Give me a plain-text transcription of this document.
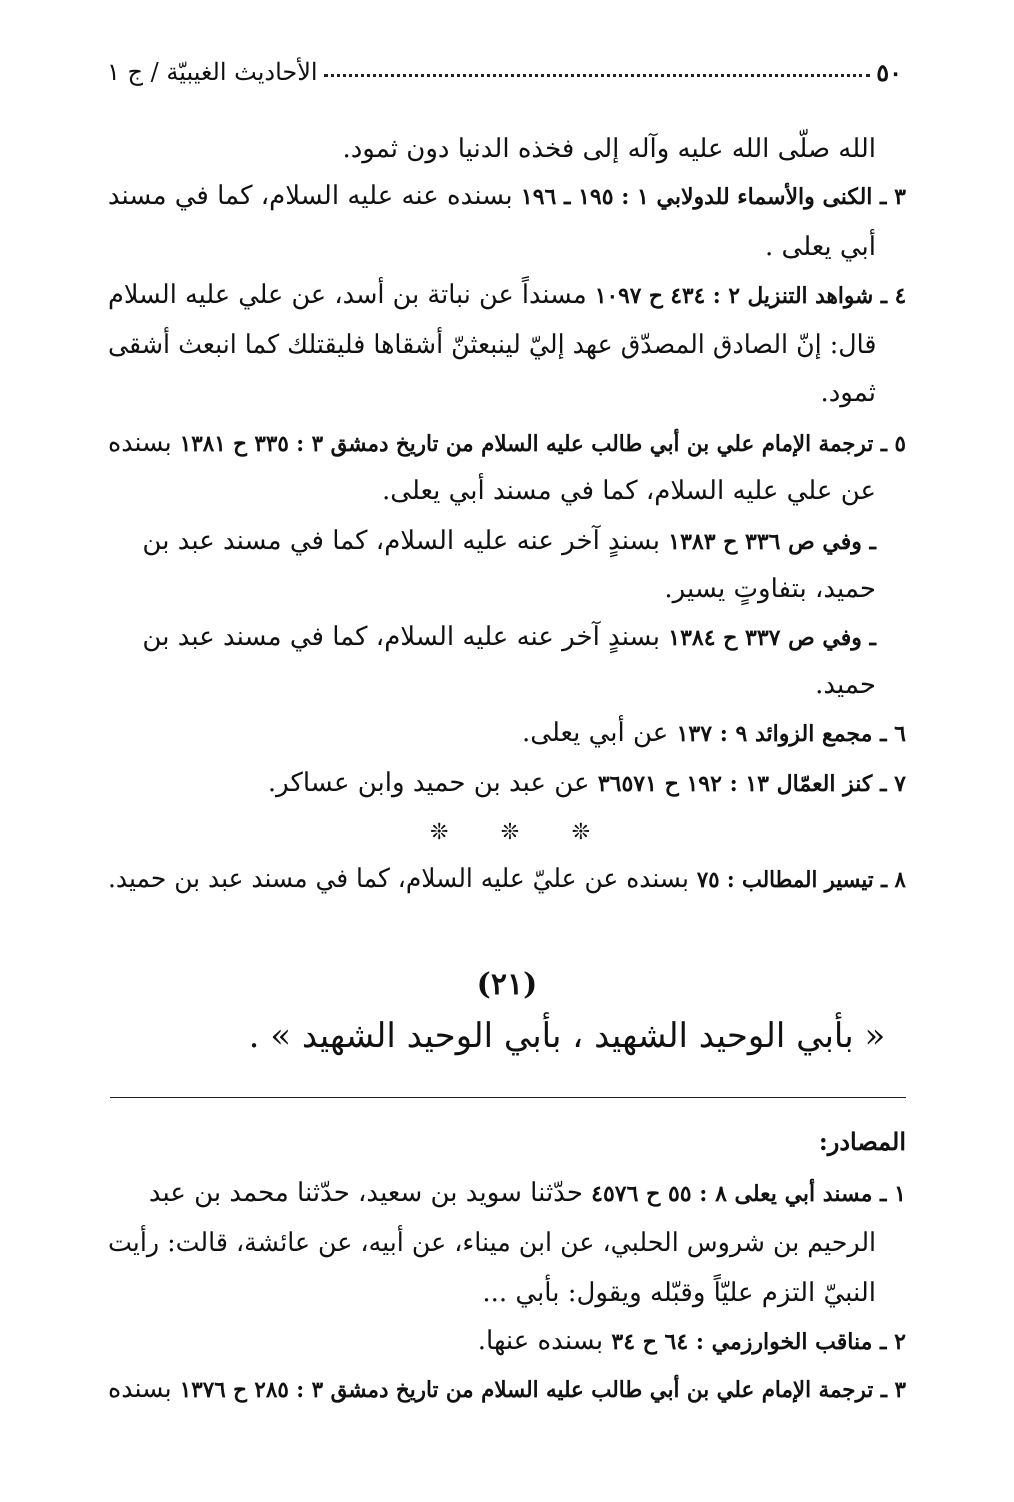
٥٠
الأحاديث الغيبيّة / ج ١
الله صلّى الله عليه وآله إلى فخذه الدنيا دون ثمود.
٣ ـ الكنى والأسماء للدولابي ١ : ١٩٥ ـ ١٩٦ بسنده عنه عليه السلام، كما في مسند
أبي يعلى .
٤ ـ شواهد التنزيل ٢ : ٤٣٤ ح ١٠٩٧ مسنداً عن نباتة بن أسد، عن علي عليه السلام
قال: إنّ الصادق المصدّق عهد إليّ لينبعثنّ أشقاها فليقتلك كما انبعث أشقى
ثمود.
٥ ـ ترجمة الإمام علي بن أبي طالب عليه السلام من تاريخ دمشق ٣ : ٣٣٥ ح ١٣٨١ بسنده
عن علي عليه السلام، كما في مسند أبي يعلى.
ـ وفي ص ٣٣٦ ح ١٣٨٣ بسندٍ آخر عنه عليه السلام، كما في مسند عبد بن
حميد، بتفاوتٍ يسير.
ـ وفي ص ٣٣٧ ح ١٣٨٤ بسندٍ آخر عنه عليه السلام، كما في مسند عبد بن
حميد.
٦ ـ مجمع الزوائد ٩ : ١٣٧ عن أبي يعلى.
٧ ـ كنز العمّال ١٣ : ١٩٢ ح ٣٦٥٧١ عن عبد بن حميد وابن عساكر.
❊
❊
❊
٨ ـ تيسير المطالب : ٧٥ بسنده عن عليّ عليه السلام، كما في مسند عبد بن حميد.
(٢١)
« بأبي الوحيد الشهيد ، بأبي الوحيد الشهيد » .
المصادر:
١ ـ مسند أبي يعلى ٨ : ٥٥ ح ٤٥٧٦ حدّثنا سويد بن سعيد، حدّثنا محمد بن عبد
الرحيم بن شروس الحلبي، عن ابن ميناء، عن أبيه، عن عائشة، قالت: رأيت
النبيّ التزم عليّاً وقبّله ويقول: بأبي ...
٢ ـ مناقب الخوارزمي : ٦٤ ح ٣٤ بسنده عنها.
٣ ـ ترجمة الإمام علي بن أبي طالب عليه السلام من تاريخ دمشق ٣ : ٢٨٥ ح ١٣٧٦ بسنده
